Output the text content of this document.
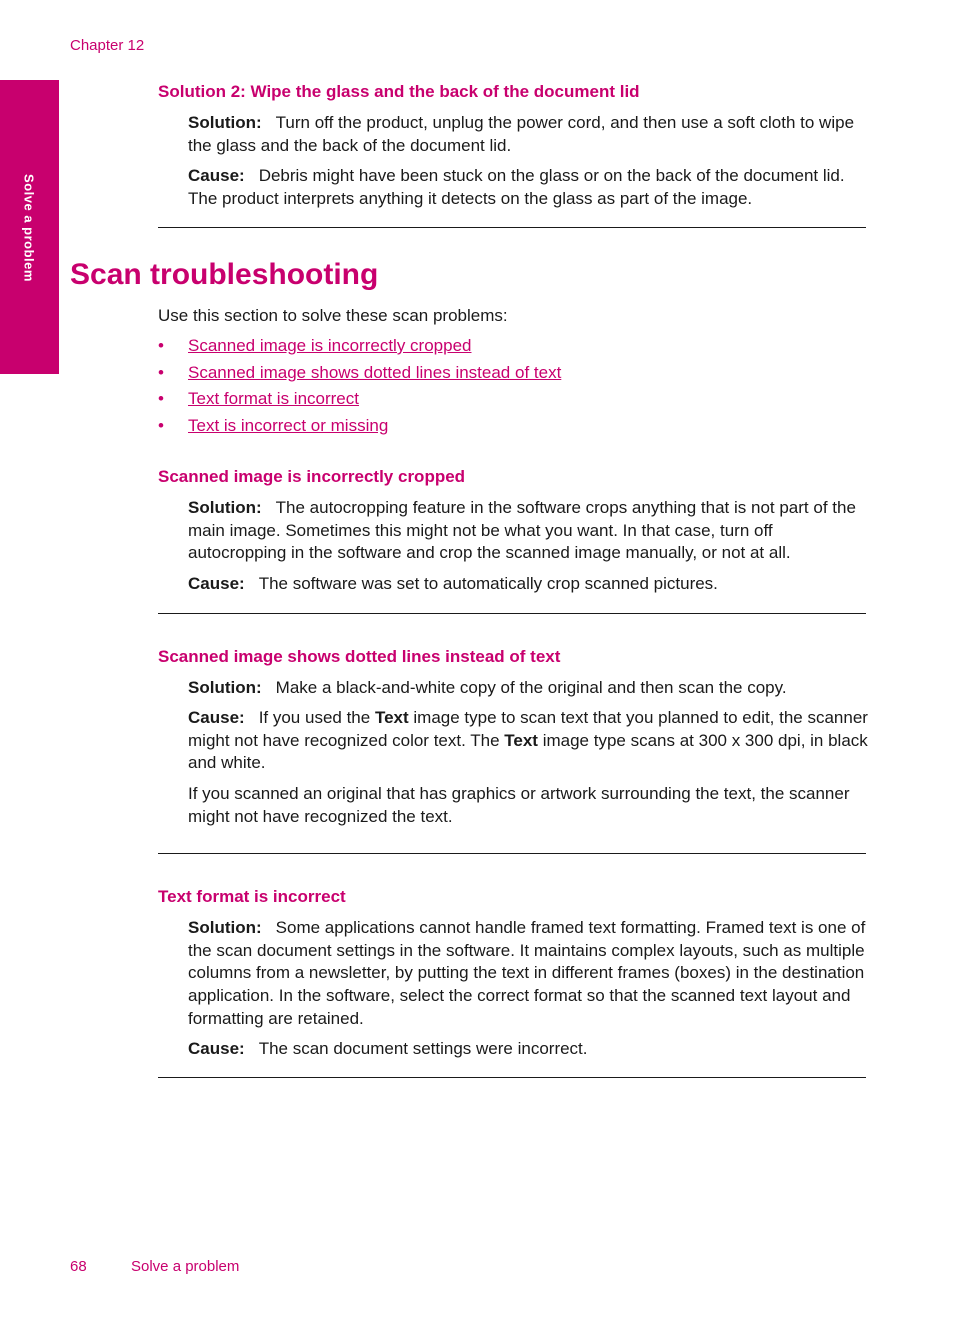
Chapter 12
Solve a problem
Solution 2: Wipe the glass and the back of the document lid
Solution: Turn off the product, unplug the power cord, and then use a soft cloth to wipe the glass and the back of the document lid.
Cause: Debris might have been stuck on the glass or on the back of the document lid. The product interprets anything it detects on the glass as part of the image.
Scan troubleshooting
Use this section to solve these scan problems:
• Scanned image is incorrectly cropped
• Scanned image shows dotted lines instead of text
• Text format is incorrect
• Text is incorrect or missing
Scanned image is incorrectly cropped
Solution: The autocropping feature in the software crops anything that is not part of the main image. Sometimes this might not be what you want. In that case, turn off autocropping in the software and crop the scanned image manually, or not at all.
Cause: The software was set to automatically crop scanned pictures.
Scanned image shows dotted lines instead of text
Solution: Make a black-and-white copy of the original and then scan the copy.
Cause: If you used the Text image type to scan text that you planned to edit, the scanner might not have recognized color text. The Text image type scans at 300 x 300 dpi, in black and white.
If you scanned an original that has graphics or artwork surrounding the text, the scanner might not have recognized the text.
Text format is incorrect
Solution: Some applications cannot handle framed text formatting. Framed text is one of the scan document settings in the software. It maintains complex layouts, such as multiple columns from a newsletter, by putting the text in different frames (boxes) in the destination application. In the software, select the correct format so that the scanned text layout and formatting are retained.
Cause: The scan document settings were incorrect.
68	Solve a problem
